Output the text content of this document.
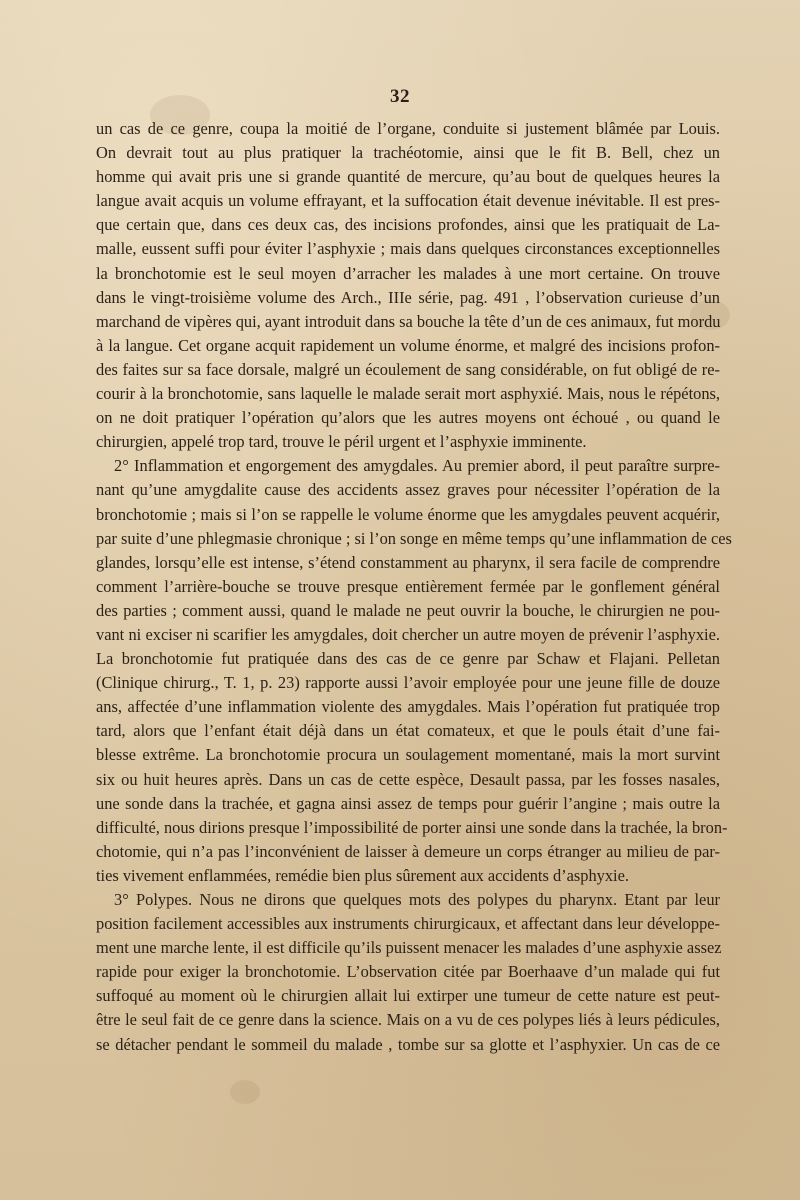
32
un cas de ce genre, coupa la moitié de l’organe, conduite si justement blâmée par Louis.
On devrait tout au plus pratiquer la trachéotomie, ainsi que le fit B. Bell, chez un
homme qui avait pris une si grande quantité de mercure, qu’au bout de quelques heures la
langue avait acquis un volume effrayant, et la suffocation était devenue inévitable. Il est pres-
que certain que, dans ces deux cas, des incisions profondes, ainsi que les pratiquait de La-
malle, eussent suffi pour éviter l’asphyxie ; mais dans quelques circonstances exceptionnelles
la bronchotomie est le seul moyen d’arracher les malades à une mort certaine. On trouve
dans le vingt-troisième volume des Arch., IIIe série, pag. 491 , l’observation curieuse d’un
marchand de vipères qui, ayant introduit dans sa bouche la tête d’un de ces animaux, fut mordu
à la langue. Cet organe acquit rapidement un volume énorme, et malgré des incisions profon-
des faites sur sa face dorsale, malgré un écoulement de sang considérable, on fut obligé de re-
courir à la bronchotomie, sans laquelle le malade serait mort asphyxié. Mais, nous le répétons,
on ne doit pratiquer l’opération qu’alors que les autres moyens ont échoué , ou quand le
chirurgien, appelé trop tard, trouve le péril urgent et l’asphyxie imminente.
2° Inflammation et engorgement des amygdales. Au premier abord, il peut paraître surpre-
nant qu’une amygdalite cause des accidents assez graves pour nécessiter l’opération de la
bronchotomie ; mais si l’on se rappelle le volume énorme que les amygdales peuvent acquérir,
par suite d’une phlegmasie chronique ; si l’on songe en même temps qu’une inflammation de ces
glandes, lorsqu’elle est intense, s’étend constamment au pharynx, il sera facile de comprendre
comment l’arrière-bouche se trouve presque entièrement fermée par le gonflement général
des parties ; comment aussi, quand le malade ne peut ouvrir la bouche, le chirurgien ne pou-
vant ni exciser ni scarifier les amygdales, doit chercher un autre moyen de prévenir l’asphyxie.
La bronchotomie fut pratiquée dans des cas de ce genre par Schaw et Flajani. Pelletan
(Clinique chirurg., T. 1, p. 23) rapporte aussi l’avoir employée pour une jeune fille de douze
ans, affectée d’une inflammation violente des amygdales. Mais l’opération fut pratiquée trop
tard, alors que l’enfant était déjà dans un état comateux, et que le pouls était d’une fai-
blesse extrême. La bronchotomie procura un soulagement momentané, mais la mort survint
six ou huit heures après. Dans un cas de cette espèce, Desault passa, par les fosses nasales,
une sonde dans la trachée, et gagna ainsi assez de temps pour guérir l’angine ; mais outre la
difficulté, nous dirions presque l’impossibilité de porter ainsi une sonde dans la trachée, la bron-
chotomie, qui n’a pas l’inconvénient de laisser à demeure un corps étranger au milieu de par-
ties vivement enflammées, remédie bien plus sûrement aux accidents d’asphyxie.
3° Polypes. Nous ne dirons que quelques mots des polypes du pharynx. Etant par leur
position facilement accessibles aux instruments chirurgicaux, et affectant dans leur développe-
ment une marche lente, il est difficile qu’ils puissent menacer les malades d’une asphyxie assez
rapide pour exiger la bronchotomie. L’observation citée par Boerhaave d’un malade qui fut
suffoqué au moment où le chirurgien allait lui extirper une tumeur de cette nature est peut-
être le seul fait de ce genre dans la science. Mais on a vu de ces polypes liés à leurs pédicules,
se détacher pendant le sommeil du malade , tombe sur sa glotte et l’asphyxier. Un cas de ce
